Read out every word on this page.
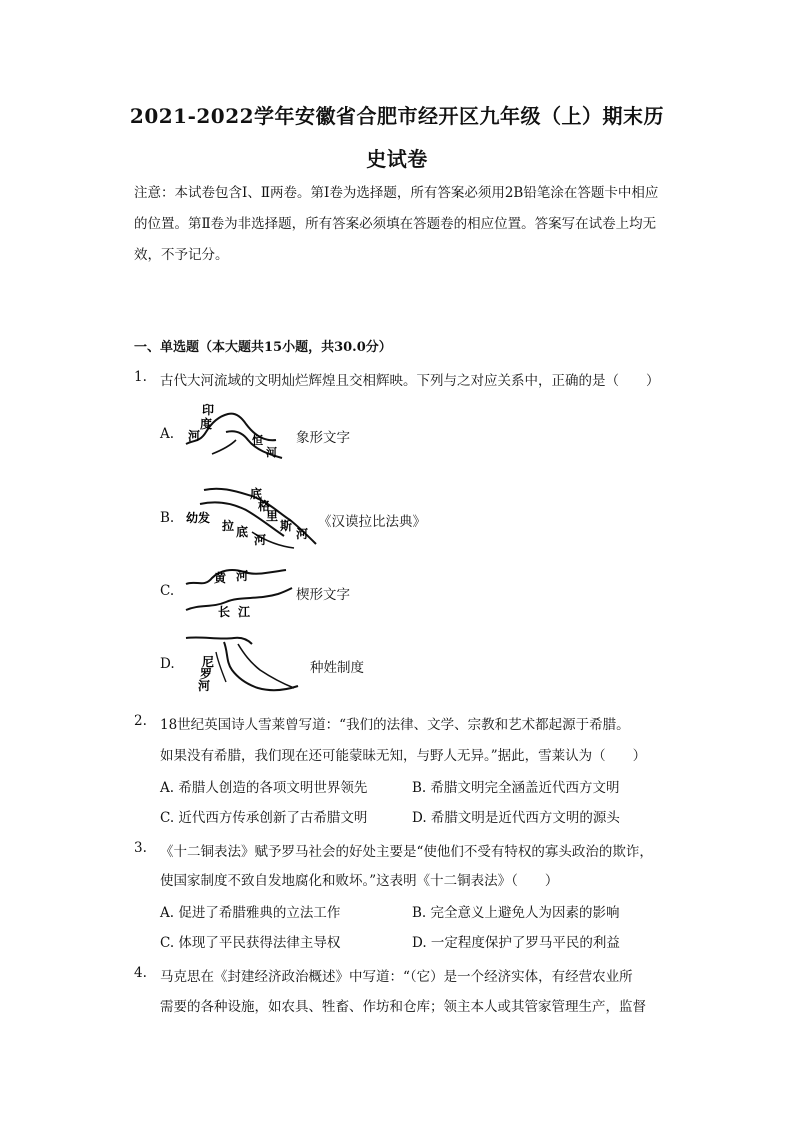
2021-2022学年安徽省合肥市经开区九年级（上）期末历
史试卷
注意：本试卷包含Ⅰ、Ⅱ两卷。第Ⅰ卷为选择题，所有答案必须用2B铅笔涂在答题卡中相应的位置。第Ⅱ卷为非选择题，所有答案必须填在答题卷的相应位置。答案写在试卷上均无效，不予记分。
一、单选题（本大题共15小题，共30.0分）
1. 古代大河流域的文明灿烂辉煌且交相辉映。下列与之对应关系中，正确的是（　　）
A.
印
度
河	恒
河
象形文字
B. 幼发
拉 底
河
底
格
里
斯
河
《汉谟拉比法典》
C.
黄 河
长 江
楔形文字
D. 尼
罗
河
种姓制度
2. 18世纪英国诗人雪莱曾写道：“我们的法律、文学、宗教和艺术都起源于希腊。
如果没有希腊，我们现在还可能蒙昧无知，与野人无异。”据此，雪莱认为（　　）
A. 希腊人创造的各项文明世界领先	B. 希腊文明完全涵盖近代西方文明
C. 近代西方传承创新了古希腊文明	D. 希腊文明是近代西方文明的源头
3. 《十二铜表法》赋予罗马社会的好处主要是“使他们不受有特权的寡头政治的欺诈，
使国家制度不致自发地腐化和败坏。”这表明《十二铜表法》（　　）
A. 促进了希腊雅典的立法工作	B. 完全意义上避免人为因素的影响
C. 体现了平民获得法律主导权	D. 一定程度保护了罗马平民的利益
4. 马克思在《封建经济政治概述》中写道：“（它）是一个经济实体，有经营农业所
需要的各种设施，如农具、牲畜、作坊和仓库；领主本人或其管家管理生产，监督
